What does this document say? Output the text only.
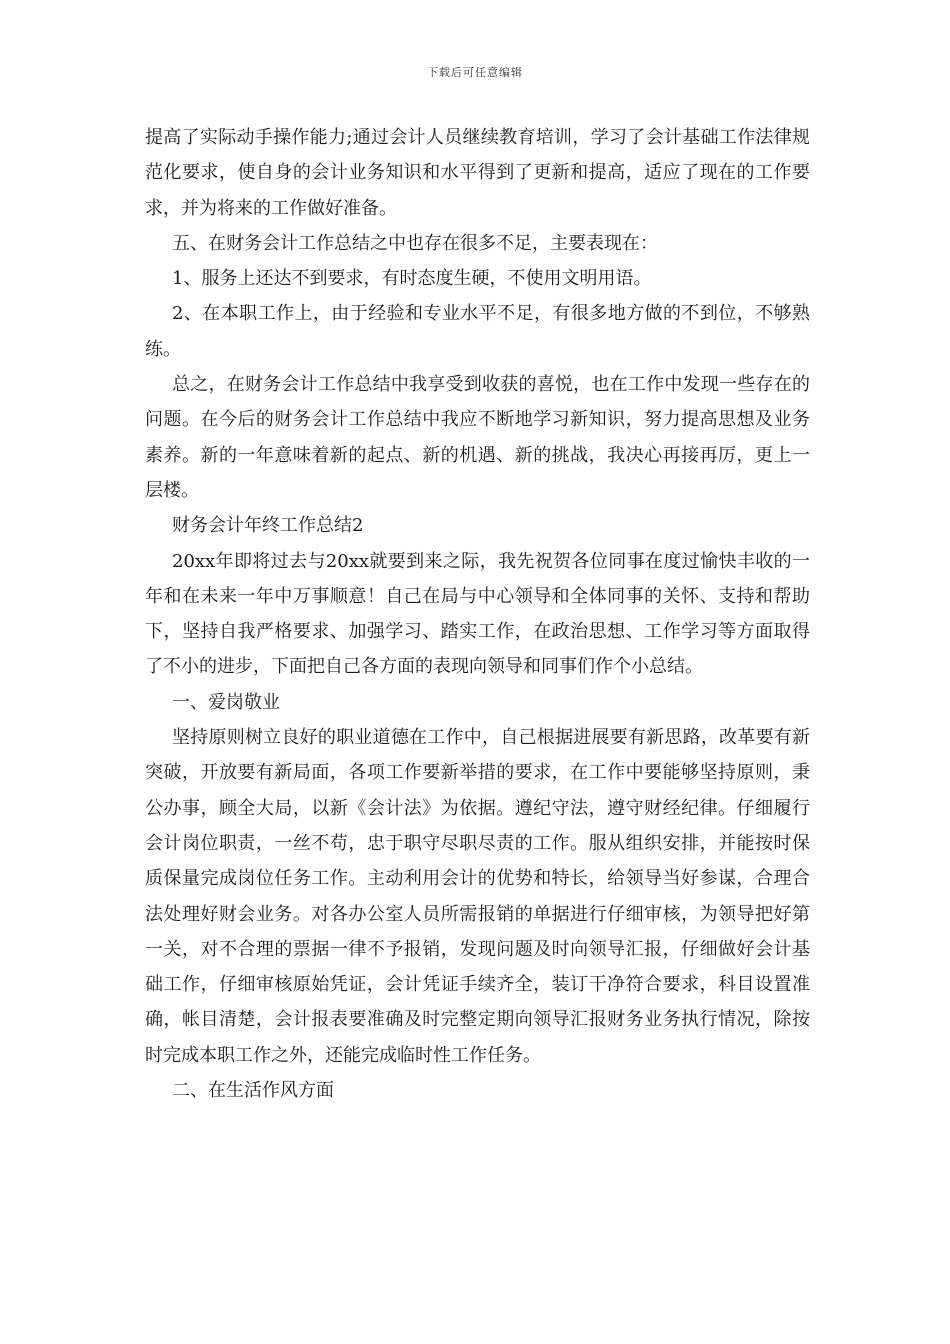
下载后可任意编辑

提高了实际动手操作能力;通过会计人员继续教育培训，学习了会计基础工作法律规范化要求，使自身的会计业务知识和水平得到了更新和提高，适应了现在的工作要求，并为将来的工作做好准备。

五、在财务会计工作总结之中也存在很多不足，主要表现在：

1、服务上还达不到要求，有时态度生硬，不使用文明用语。

2、在本职工作上，由于经验和专业水平不足，有很多地方做的不到位，不够熟练。

总之，在财务会计工作总结中我享受到收获的喜悦，也在工作中发现一些存在的问题。在今后的财务会计工作总结中我应不断地学习新知识，努力提高思想及业务素养。新的一年意味着新的起点、新的机遇、新的挑战，我决心再接再厉，更上一层楼。

财务会计年终工作总结2

20xx年即将过去与20xx就要到来之际，我先祝贺各位同事在度过愉快丰收的一年和在未来一年中万事顺意！自己在局与中心领导和全体同事的关怀、支持和帮助下，坚持自我严格要求、加强学习、踏实工作，在政治思想、工作学习等方面取得了不小的进步，下面把自己各方面的表现向领导和同事们作个小总结。

一、爱岗敬业

坚持原则树立良好的职业道德在工作中，自己根据进展要有新思路，改革要有新突破，开放要有新局面，各项工作要新举措的要求，在工作中要能够坚持原则，秉公办事，顾全大局，以新《会计法》为依据。遵纪守法，遵守财经纪律。仔细履行会计岗位职责，一丝不苟，忠于职守尽职尽责的工作。服从组织安排，并能按时保质保量完成岗位任务工作。主动利用会计的优势和特长，给领导当好参谋，合理合法处理好财会业务。对各办公室人员所需报销的单据进行仔细审核，为领导把好第一关，对不合理的票据一律不予报销，发现问题及时向领导汇报，仔细做好会计基础工作，仔细审核原始凭证，会计凭证手续齐全，装订干净符合要求，科目设置准确，帐目清楚，会计报表要准确及时完整定期向领导汇报财务业务执行情况，除按时完成本职工作之外，还能完成临时性工作任务。

二、在生活作风方面
